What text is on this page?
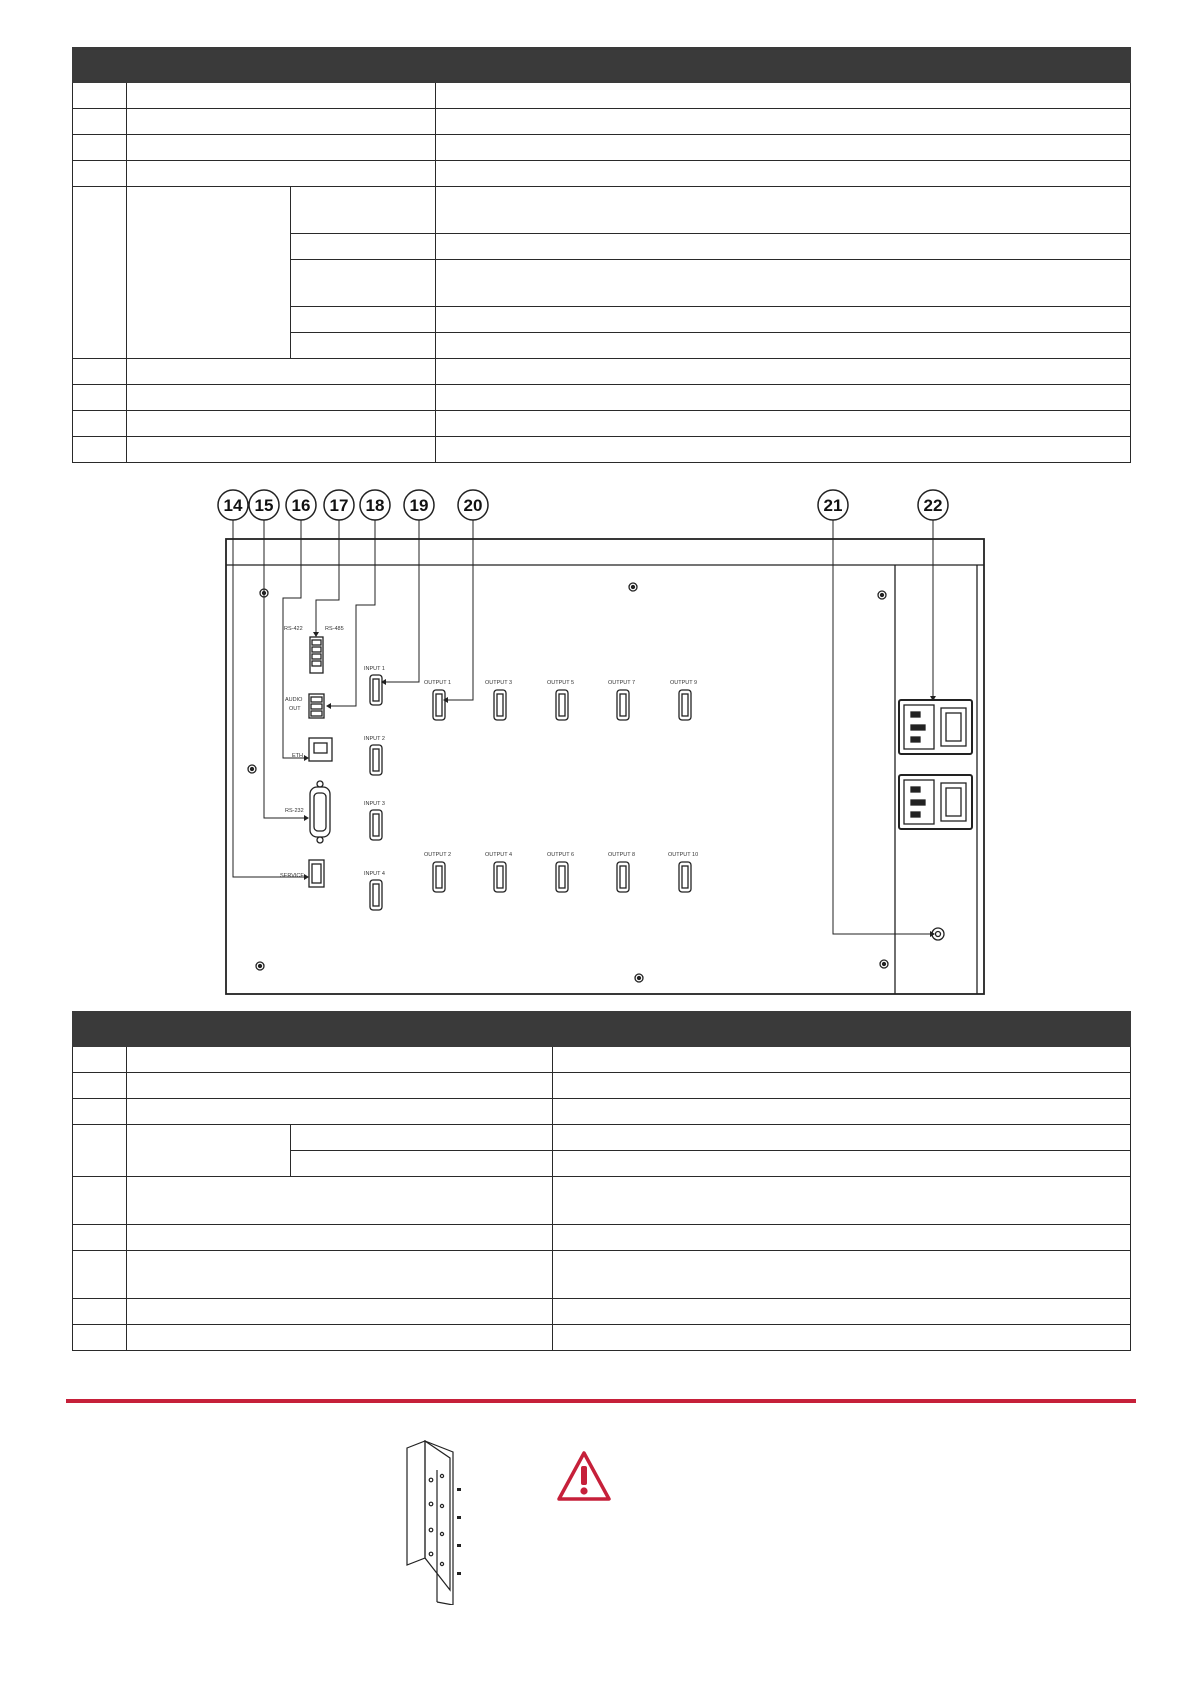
14 15 16 17 18 19 20	21	22
RS-422	RS-485
AUDIO
OUT
ETH
RS-232
SERVICE
INPUT 1
INPUT 2
INPUT 3
INPUT 4
OUTPUT 1	OUTPUT 3	OUTPUT 5	OUTPUT 7	OUTPUT 9
OUTPUT 2	OUTPUT 4	OUTPUT 6	OUTPUT 8	OUTPUT 10
